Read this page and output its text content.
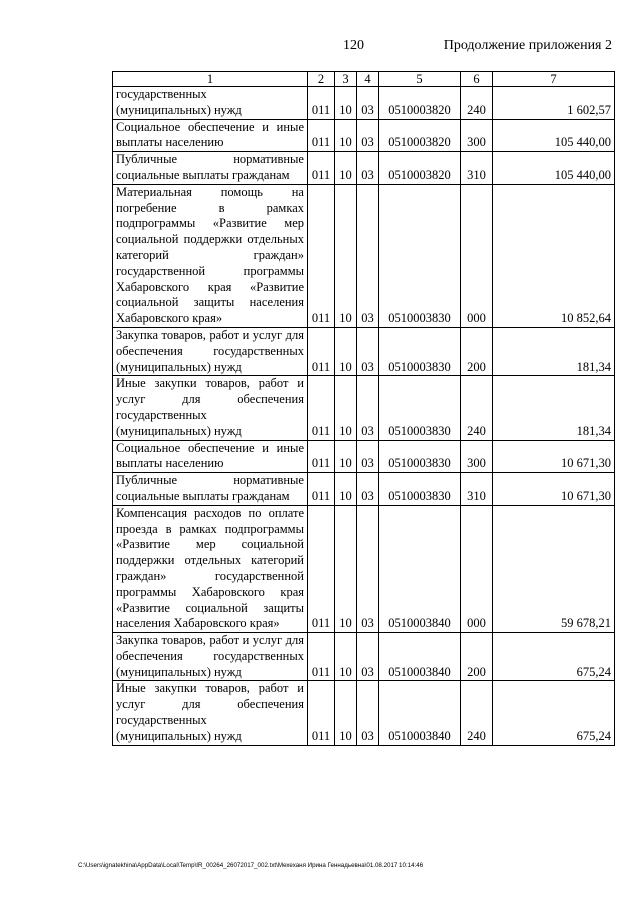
120	Продолжение приложения 2
1	2	3	4	5	6	7
государственных (муниципальных) нужд	011	10	03	0510003820	240	1 602,57
Социальное обеспечение и иные выплаты населению	011	10	03	0510003820	300	105 440,00
Публичные нормативные социальные выплаты гражданам	011	10	03	0510003820	310	105 440,00
Материальная помощь на погребение в рамках подпрограммы «Развитие мер социальной поддержки отдельных категорий граждан» государственной программы Хабаровского края «Развитие социальной защиты населения Хабаровского края»	011	10	03	0510003830	000	10 852,64
Закупка товаров, работ и услуг для обеспечения государственных (муниципальных) нужд	011	10	03	0510003830	200	181,34
Иные закупки товаров, работ и услуг для обеспечения государственных (муниципальных) нужд	011	10	03	0510003830	240	181,34
Социальное обеспечение и иные выплаты населению	011	10	03	0510003830	300	10 671,30
Публичные нормативные социальные выплаты гражданам	011	10	03	0510003830	310	10 671,30
Компенсация расходов по оплате проезда в рамках подпрограммы «Развитие мер социальной поддержки отдельных категорий граждан» государственной программы Хабаровского края «Развитие социальной защиты населения Хабаровского края»	011	10	03	0510003840	000	59 678,21
Закупка товаров, работ и услуг для обеспечения государственных (муниципальных) нужд	011	10	03	0510003840	200	675,24
Иные закупки товаров, работ и услуг для обеспечения государственных (муниципальных) нужд	011	10	03	0510003840	240	675,24
C:\Users\ignatekhina\AppData\Local\Temp\IR_00264_26072017_002.txt\Мехеханя Ирина Геннадьевна\01.08.2017 10:14:46
